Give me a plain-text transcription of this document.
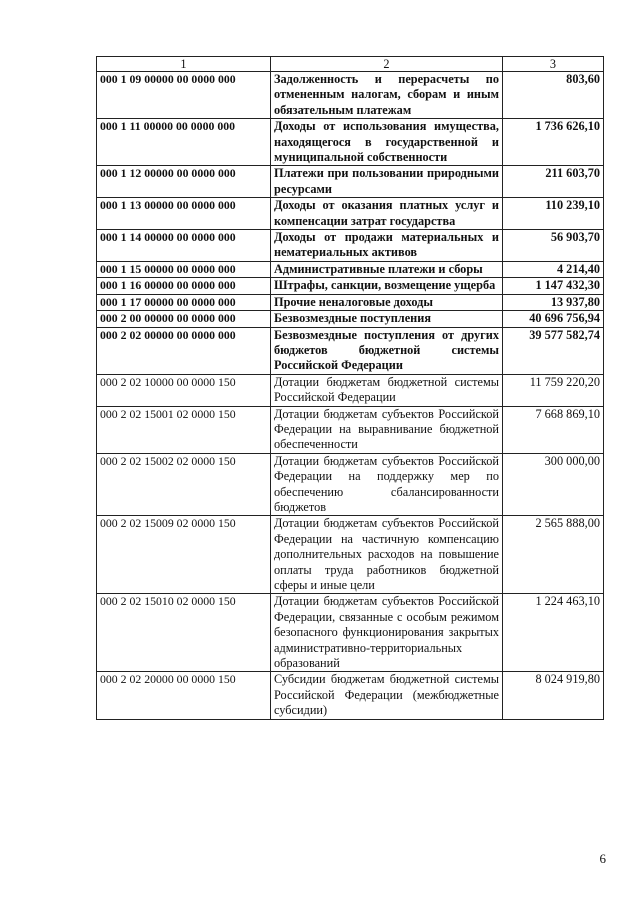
1	2	3
000 1 09 00000 00 0000 000	Задолженность и перерасчеты по отмененным налогам, сборам и иным обязательным платежам	803,60
000 1 11 00000 00 0000 000	Доходы от использования имущества, находящегося в государственной и муниципальной собственности	1 736 626,10
000 1 12 00000 00 0000 000	Платежи при пользовании природными ресурсами	211 603,70
000 1 13 00000 00 0000 000	Доходы от оказания платных услуг и компенсации затрат государства	110 239,10
000 1 14 00000 00 0000 000	Доходы от продажи материальных и нематериальных активов	56 903,70
000 1 15 00000 00 0000 000	Административные платежи и сборы	4 214,40
000 1 16 00000 00 0000 000	Штрафы, санкции, возмещение ущерба	1 147 432,30
000 1 17 00000 00 0000 000	Прочие неналоговые доходы	13 937,80
000 2 00 00000 00 0000 000	Безвозмездные поступления	40 696 756,94
000 2 02 00000 00 0000 000	Безвозмездные поступления от других бюджетов бюджетной системы Российской Федерации	39 577 582,74
000 2 02 10000 00 0000 150	Дотации бюджетам бюджетной системы Российской Федерации	11 759 220,20
000 2 02 15001 02 0000 150	Дотации бюджетам субъектов Российской Федерации на выравнивание бюджетной обеспеченности	7 668 869,10
000 2 02 15002 02 0000 150	Дотации бюджетам субъектов Российской Федерации на поддержку мер по обеспечению сбалансированности бюджетов	300 000,00
000 2 02 15009 02 0000 150	Дотации бюджетам субъектов Российской Федерации на частичную компенсацию дополнительных расходов на повышение оплаты труда работников бюджетной сферы и иные цели	2 565 888,00
000 2 02 15010 02 0000 150	Дотации бюджетам субъектов Российской Федерации, связанные с особым режимом безопасного функционирования закрытых административно-территориальных образований	1 224 463,10
000 2 02 20000 00 0000 150	Субсидии бюджетам бюджетной системы Российской Федерации (межбюджетные субсидии)	8 024 919,80
6
